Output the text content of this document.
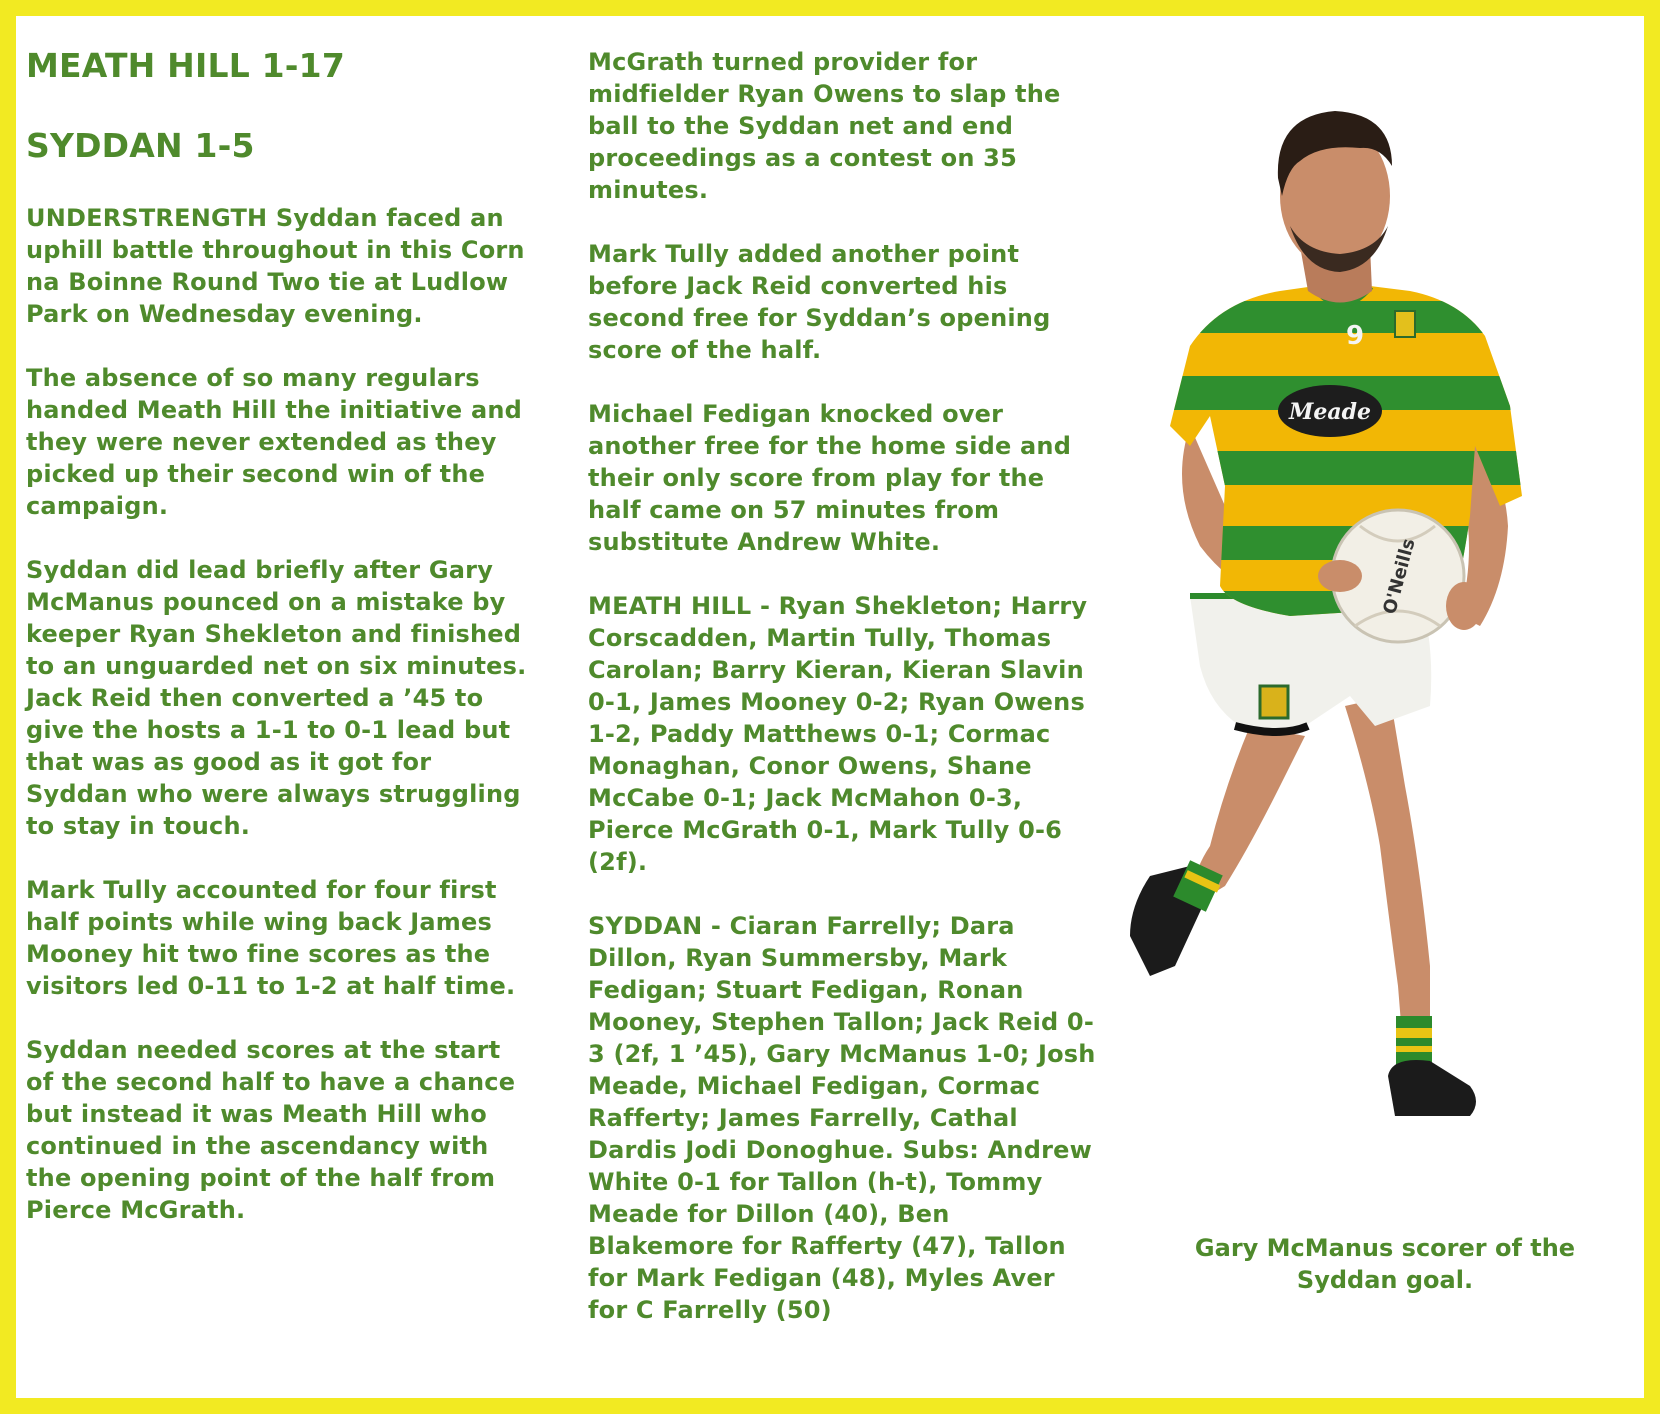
MEATH HILL 1-17
SYDDAN 1-5

UNDERSTRENGTH Syddan faced an uphill battle throughout in this Corn na Boinne Round Two tie at Ludlow Park on Wednesday evening.

The absence of so many regulars handed Meath Hill the initiative and they were never extended as they picked up their second win of the campaign.

Syddan did lead briefly after Gary McManus pounced on a mistake by keeper Ryan Shekleton and finished to an unguarded net on six minutes. Jack Reid then converted a ’45 to give the hosts a 1-1 to 0-1 lead but that was as good as it got for Syddan who were always struggling to stay in touch.

Mark Tully accounted for four first half points while wing back James Mooney hit two fine scores as the visitors led 0-11 to 1-2 at half time.

Syddan needed scores at the start of the second half to have a chance but instead it was Meath Hill who continued in the ascendancy with the opening point of the half from Pierce McGrath.

McGrath turned provider for midfielder Ryan Owens to slap the ball to the Syddan net and end proceedings as a contest on 35 minutes.

Mark Tully added another point before Jack Reid converted his second free for Syddan’s opening score of the half.

Michael Fedigan knocked over another free for the home side and their only score from play for the half came on 57 minutes from substitute Andrew White.

MEATH HILL - Ryan Shekleton; Harry Corscadden, Martin Tully, Thomas Carolan; Barry Kieran, Kieran Slavin 0-1, James Mooney 0-2; Ryan Owens 1-2, Paddy Matthews 0-1; Cormac Monaghan, Conor Owens, Shane McCabe 0-1; Jack McMahon 0-3, Pierce McGrath 0-1, Mark Tully 0-6 (2f).

SYDDAN - Ciaran Farrelly; Dara Dillon, Ryan Summersby, Mark Fedigan; Stuart Fedigan, Ronan Mooney, Stephen Tallon; Jack Reid 0-3 (2f, 1 ’45), Gary McManus 1-0; Josh Meade, Michael Fedigan, Cormac Rafferty; James Farrelly, Cathal Dardis Jodi Donoghue. Subs: Andrew White 0-1 for Tallon (h-t), Tommy Meade for Dillon (40), Ben Blakemore for Rafferty (47), Tallon for Mark Fedigan (48), Myles Aver for C Farrelly (50)

9
Meade
O'Neills
Gary McManus scorer of the Syddan goal.
